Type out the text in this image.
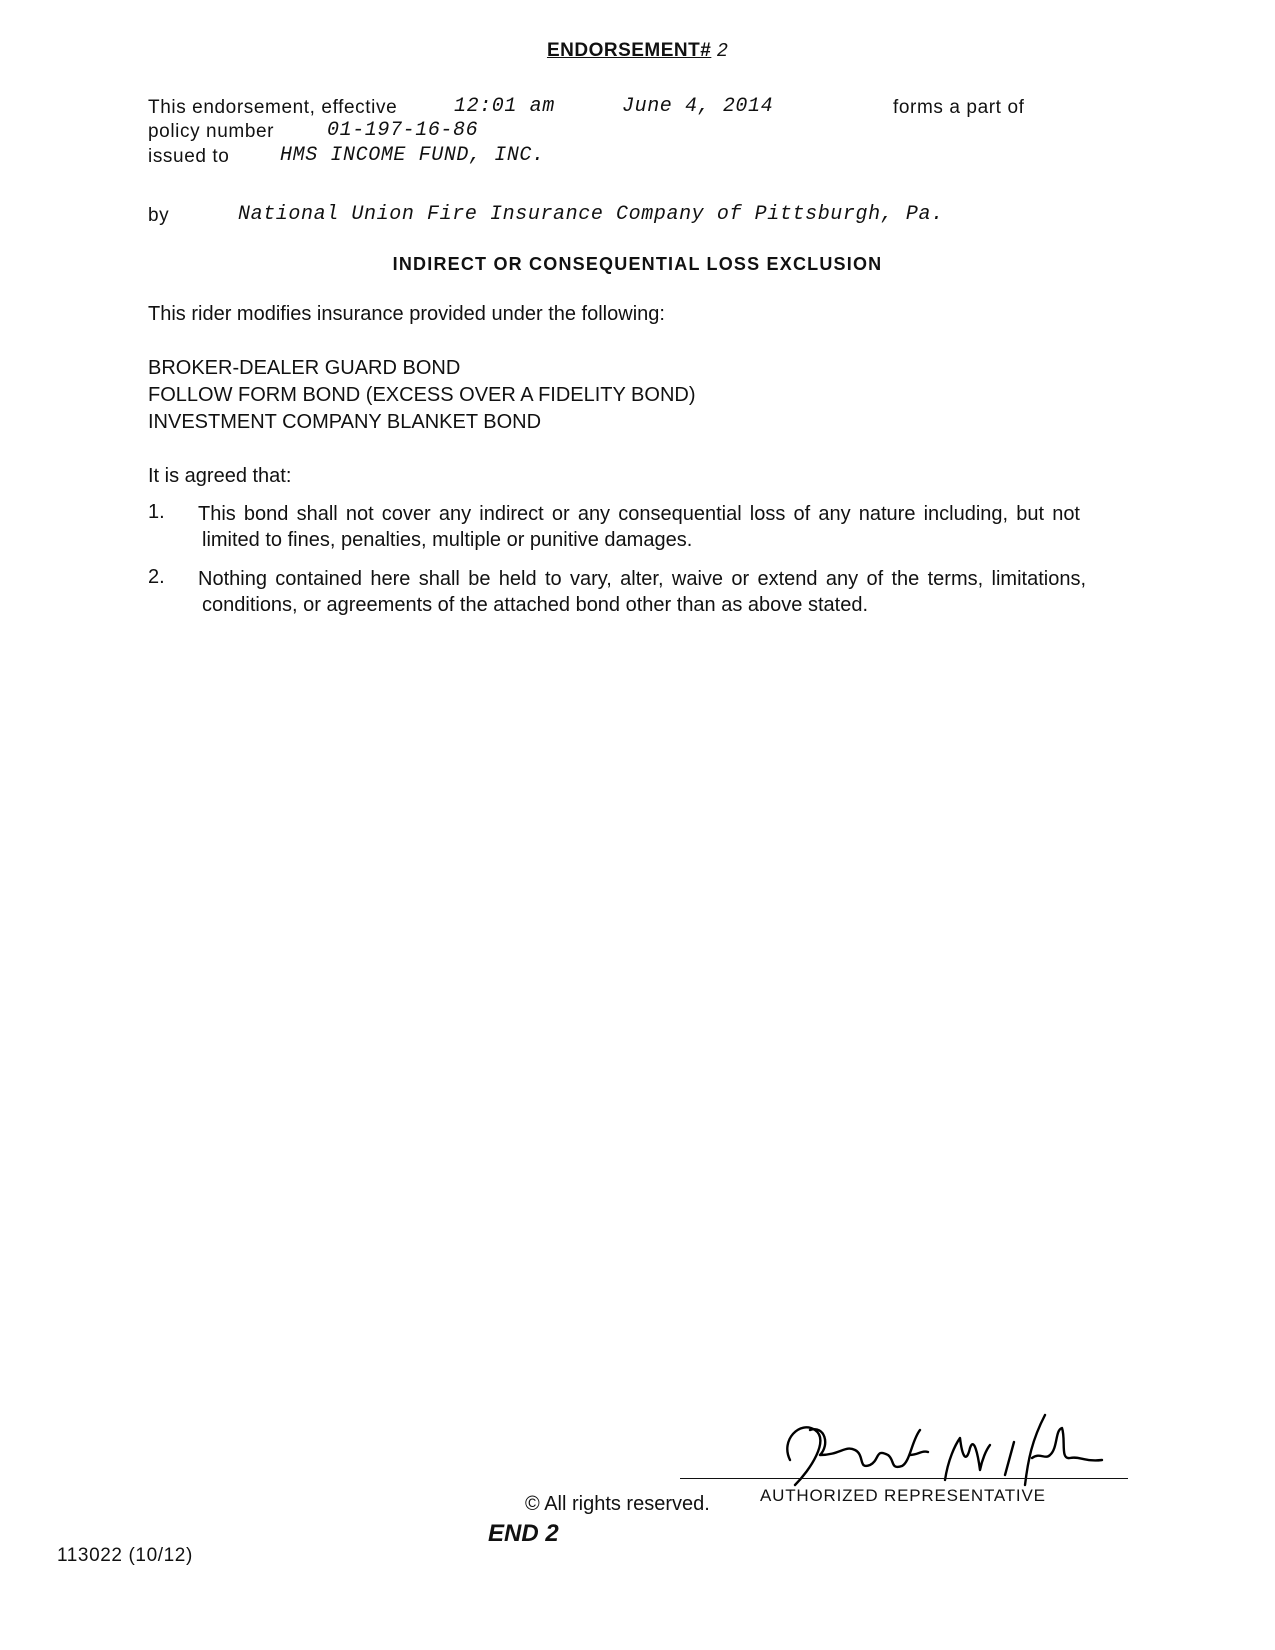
ENDORSEMENT# 2
This endorsement, effective	12:01 am	June 4, 2014	forms a part of
policy number	01-197-16-86
issued to	HMS INCOME FUND, INC.
by	National Union Fire Insurance Company of Pittsburgh, Pa.
INDIRECT OR CONSEQUENTIAL LOSS EXCLUSION
This rider modifies insurance provided under the following:
BROKER-DEALER GUARD BOND
FOLLOW FORM BOND (EXCESS OVER A FIDELITY BOND)
INVESTMENT COMPANY BLANKET BOND
It is agreed that:
1. This bond shall not cover any indirect or any consequential loss of any nature including, but not limited to fines, penalties, multiple or punitive damages.
2. Nothing contained here shall be held to vary, alter, waive or extend any of the terms, limitations, conditions, or agreements of the attached bond other than as above stated.
AUTHORIZED REPRESENTATIVE
© All rights reserved.
END 2
113022 (10/12)
